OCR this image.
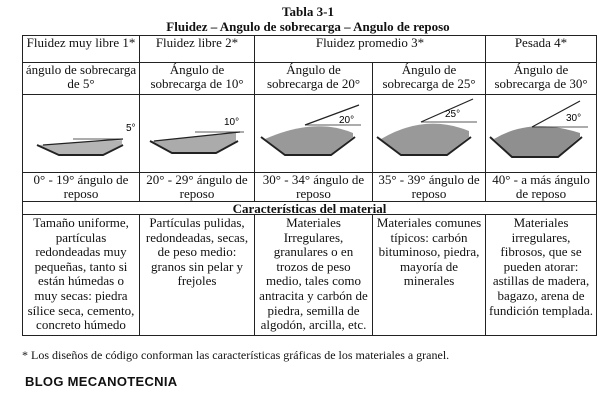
Tabla 3-1
Fluidez – Angulo de sobrecarga – Angulo de reposo
Fluidez muy libre 1*	Fluidez libre 2*	Fluidez promedio 3*		Pesada 4*
ángulo de sobrecarga de 5°	Ángulo de sobrecarga de 10°	Ángulo de sobrecarga de 20°	Ángulo de sobrecarga de 25°	Ángulo de sobrecarga de 30°

5°	10°	20°	25°	30°

0° - 19° ángulo de reposo	20° - 29° ángulo de reposo	30° - 34° ángulo de reposo	35° - 39° ángulo de reposo	40° - a más ángulo de reposo
Características del material				
Tamaño uniforme, partículas redondeadas muy pequeñas, tanto si están húmedas o muy secas: piedra sílice seca, cemento, concreto húmedo	Partículas pulidas, redondeadas, secas, de peso medio: granos sin pelar y frejoles	Materiales Irregulares, granulares o en trozos de peso medio, tales como antracita y carbón de piedra, semilla de algodón, arcilla, etc.	Materiales comunes típicos: carbón bituminoso, piedra, mayoría de minerales	Materiales irregulares, fibrosos, que se pueden atorar: astillas de madera, bagazo, arena de fundición templada.
* Los diseños de código conforman las características gráficas de los materiales a granel.
BLOG MECANOTECNIA
